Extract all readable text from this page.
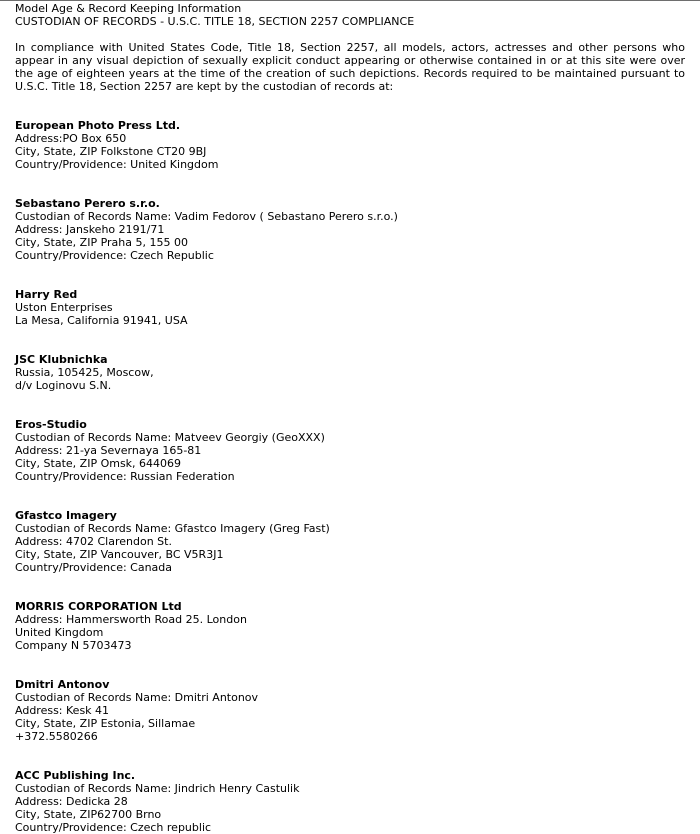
Model Age & Record Keeping Information
CUSTODIAN OF RECORDS - U.S.C. TITLE 18, SECTION 2257 COMPLIANCE
In compliance with United States Code, Title 18, Section 2257, all models, actors, actresses and other persons who appear in any visual depiction of sexually explicit conduct appearing or otherwise contained in or at this site were over the age of eighteen years at the time of the creation of such depictions. Records required to be maintained pursuant to U.S.C. Title 18, Section 2257 are kept by the custodian of records at:
European Photo Press Ltd.
Address:PO Box 650
City, State, ZIP Folkstone CT20 9BJ
Country/Providence: United Kingdom
Sebastano Perero s.r.o.
Custodian of Records Name: Vadim Fedorov ( Sebastano Perero s.r.o.)
Address: Janskeho 2191/71
City, State, ZIP Praha 5, 155 00
Country/Providence: Czech Republic
Harry Red
Uston Enterprises
La Mesa, California 91941, USA
JSC Klubnichka
Russia, 105425, Moscow,
d/v Loginovu S.N.
Eros-Studio
Custodian of Records Name: Matveev Georgiy (GeoXXX)
Address: 21-ya Severnaya 165-81
City, State, ZIP Omsk, 644069
Country/Providence: Russian Federation
Gfastco Imagery
Custodian of Records Name: Gfastco Imagery (Greg Fast)
Address: 4702 Clarendon St.
City, State, ZIP Vancouver, BC V5R3J1
Country/Providence: Canada
MORRIS CORPORATION Ltd
Address: Hammersworth Road 25. London
United Kingdom
Company N 5703473
Dmitri Antonov
Custodian of Records Name: Dmitri Antonov
Address: Kesk 41
City, State, ZIP Estonia, Sillamae
+372.5580266
ACC Publishing Inc.
Custodian of Records Name: Jindrich Henry Castulik
Address: Dedicka 28
City, State, ZIP62700 Brno
Country/Providence: Czech republic
